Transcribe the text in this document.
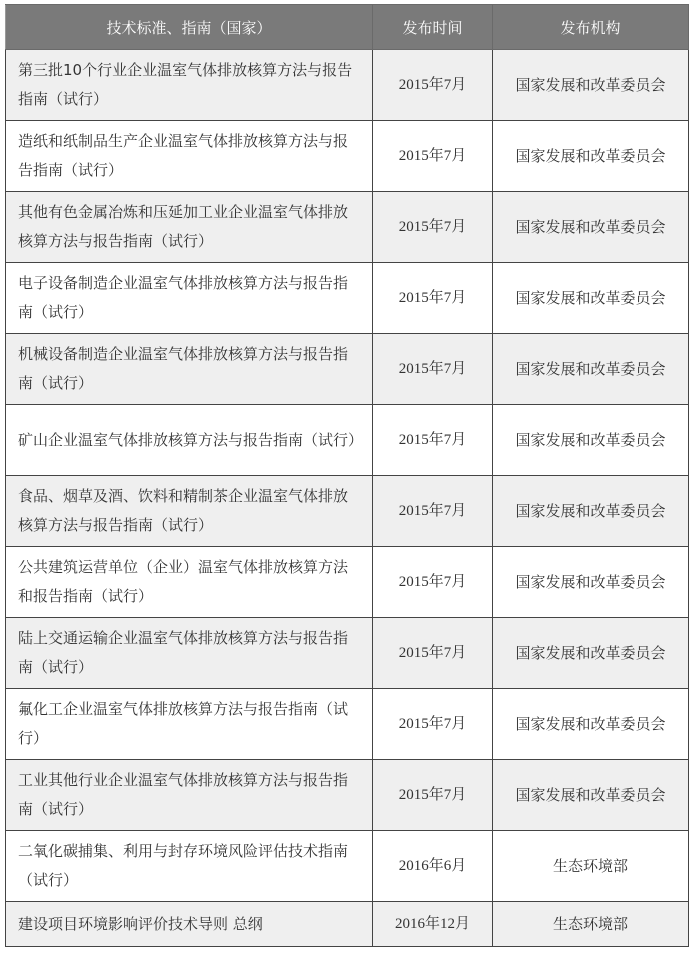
技术标准、指南（国家）	发布时间	发布机构
第三批10个行业企业温室气体排放核算方法与报告指南（试行）	2015年7月	国家发展和改革委员会
造纸和纸制品生产企业温室气体排放核算方法与报告指南（试行）	2015年7月	国家发展和改革委员会
其他有色金属冶炼和压延加工业企业温室气体排放核算方法与报告指南（试行）	2015年7月	国家发展和改革委员会
电子设备制造企业温室气体排放核算方法与报告指南（试行）	2015年7月	国家发展和改革委员会
机械设备制造企业温室气体排放核算方法与报告指南（试行）	2015年7月	国家发展和改革委员会
矿山企业温室气体排放核算方法与报告指南（试行）	2015年7月	国家发展和改革委员会
食品、烟草及酒、饮料和精制茶企业温室气体排放核算方法与报告指南（试行）	2015年7月	国家发展和改革委员会
公共建筑运营单位（企业）温室气体排放核算方法和报告指南（试行）	2015年7月	国家发展和改革委员会
陆上交通运输企业温室气体排放核算方法与报告指南（试行）	2015年7月	国家发展和改革委员会
氟化工企业温室气体排放核算方法与报告指南（试行）	2015年7月	国家发展和改革委员会
工业其他行业企业温室气体排放核算方法与报告指南（试行）	2015年7月	国家发展和改革委员会
二氧化碳捕集、利用与封存环境风险评估技术指南（试行）	2016年6月	生态环境部
建设项目环境影响评价技术导则 总纲	2016年12月	生态环境部
